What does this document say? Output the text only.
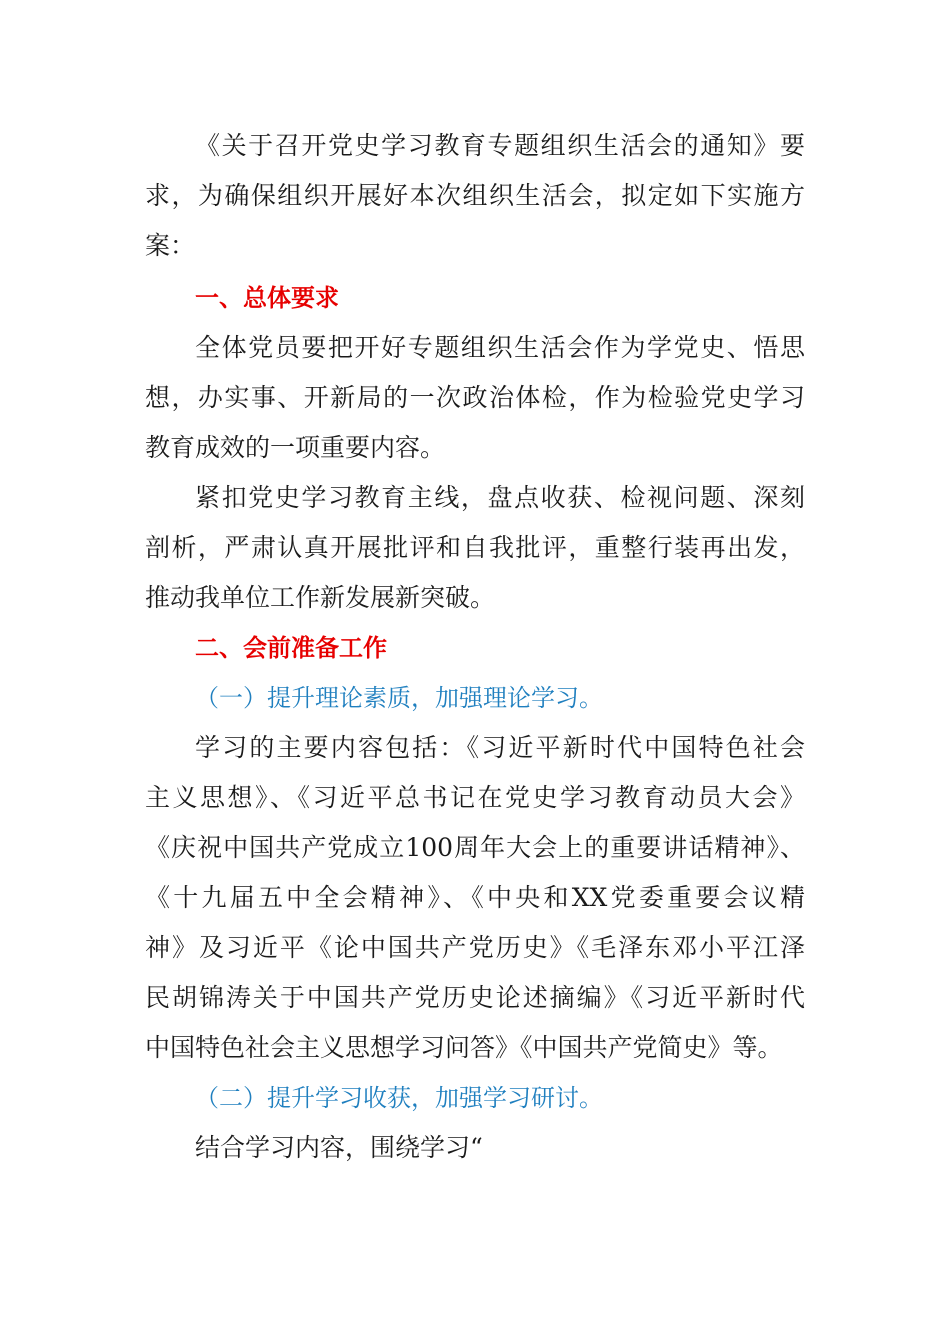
《关于召开党史学习教育专题组织生活会的通知》要
求，为确保组织开展好本次组织生活会，拟定如下实施方
案：
一、总体要求
全体党员要把开好专题组织生活会作为学党史、悟思
想，办实事、开新局的一次政治体检，作为检验党史学习
教育成效的一项重要内容。
紧扣党史学习教育主线，盘点收获、检视问题、深刻
剖析，严肃认真开展批评和自我批评，重整行装再出发，
推动我单位工作新发展新突破。
二、会前准备工作
（一）提升理论素质，加强理论学习。
学习的主要内容包括：《习近平新时代中国特色社会
主义思想》、《习近平总书记在党史学习教育动员大会》
《庆祝中国共产党成立100周年大会上的重要讲话精神》、
《十九届五中全会精神》、《中央和XX党委重要会议精
神》及习近平《论中国共产党历史》《毛泽东邓小平江泽
民胡锦涛关于中国共产党历史论述摘编》《习近平新时代
中国特色社会主义思想学习问答》《中国共产党简史》等。
（二）提升学习收获，加强学习研讨。
结合学习内容，围绕学习“
